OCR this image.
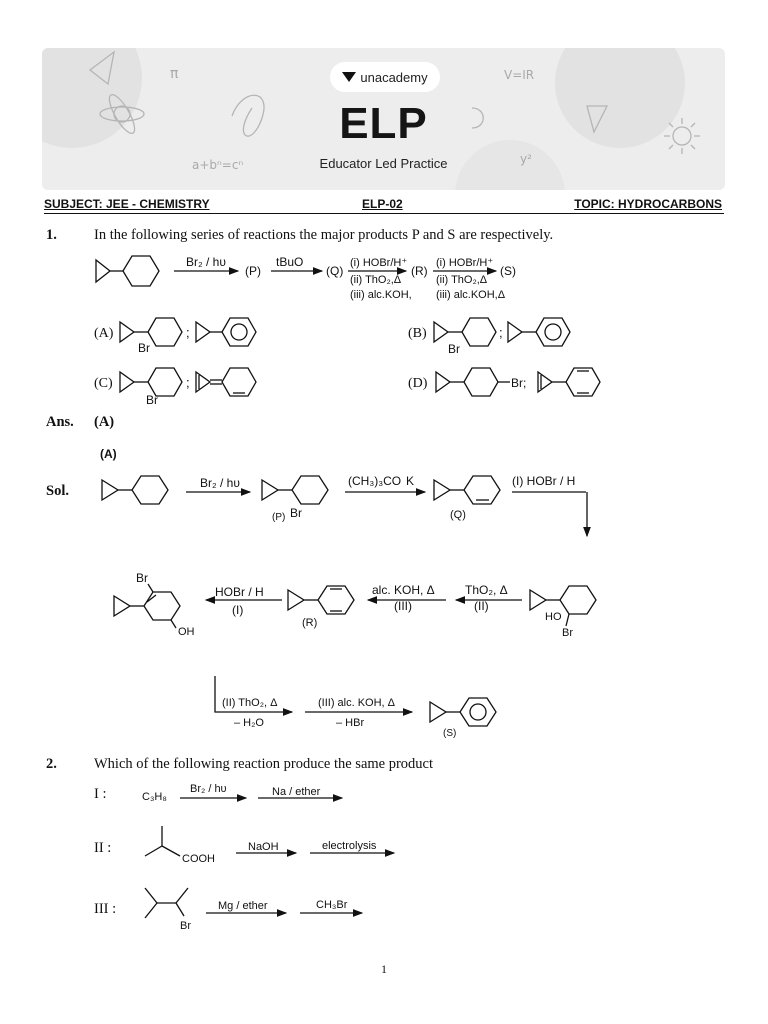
π
a+bⁿ=cⁿ
V=IR
y²
unacademy
ELP
Educator Led Practice
SUBJECT: JEE - CHEMISTRY	ELP-02	TOPIC: HYDROCARBONS
1.	In the following series of reactions the major products P and S are respectively.
Ans. (A)
Sol.
2.	Which of the following reaction produce the same product
I :
II :
III :
1
Br₂ / hυ
(P)
tBuO
(Q)
(i) HOBr/H⁺
(ii) ThO₂,Δ
(iii) alc.KOH,
(R)
(i) HOBr/H⁺
(ii) ThO₂,Δ
(iii) alc.KOH,Δ
(S)
(A)
Br
;	(B)
Br
;
(C)
Br
;	(D)	Br;
(A)
Br₂ / hυ
(P) Br
(CH₃)₃CO K
(Q)
(I) HOBr / H
Br
OH
HOBr / H
(I)
(R)
alc. KOH, Δ
(III)
ThO₂, Δ
(II)
HO
Br
(II) ThO₂, Δ
– H₂O
(III) alc. KOH, Δ
– HBr
(S)
C₃H₈
Br₂ / hυ	Na / ether
COOH
NaOH	electrolysis
Br
Mg / ether	CH₃Br
